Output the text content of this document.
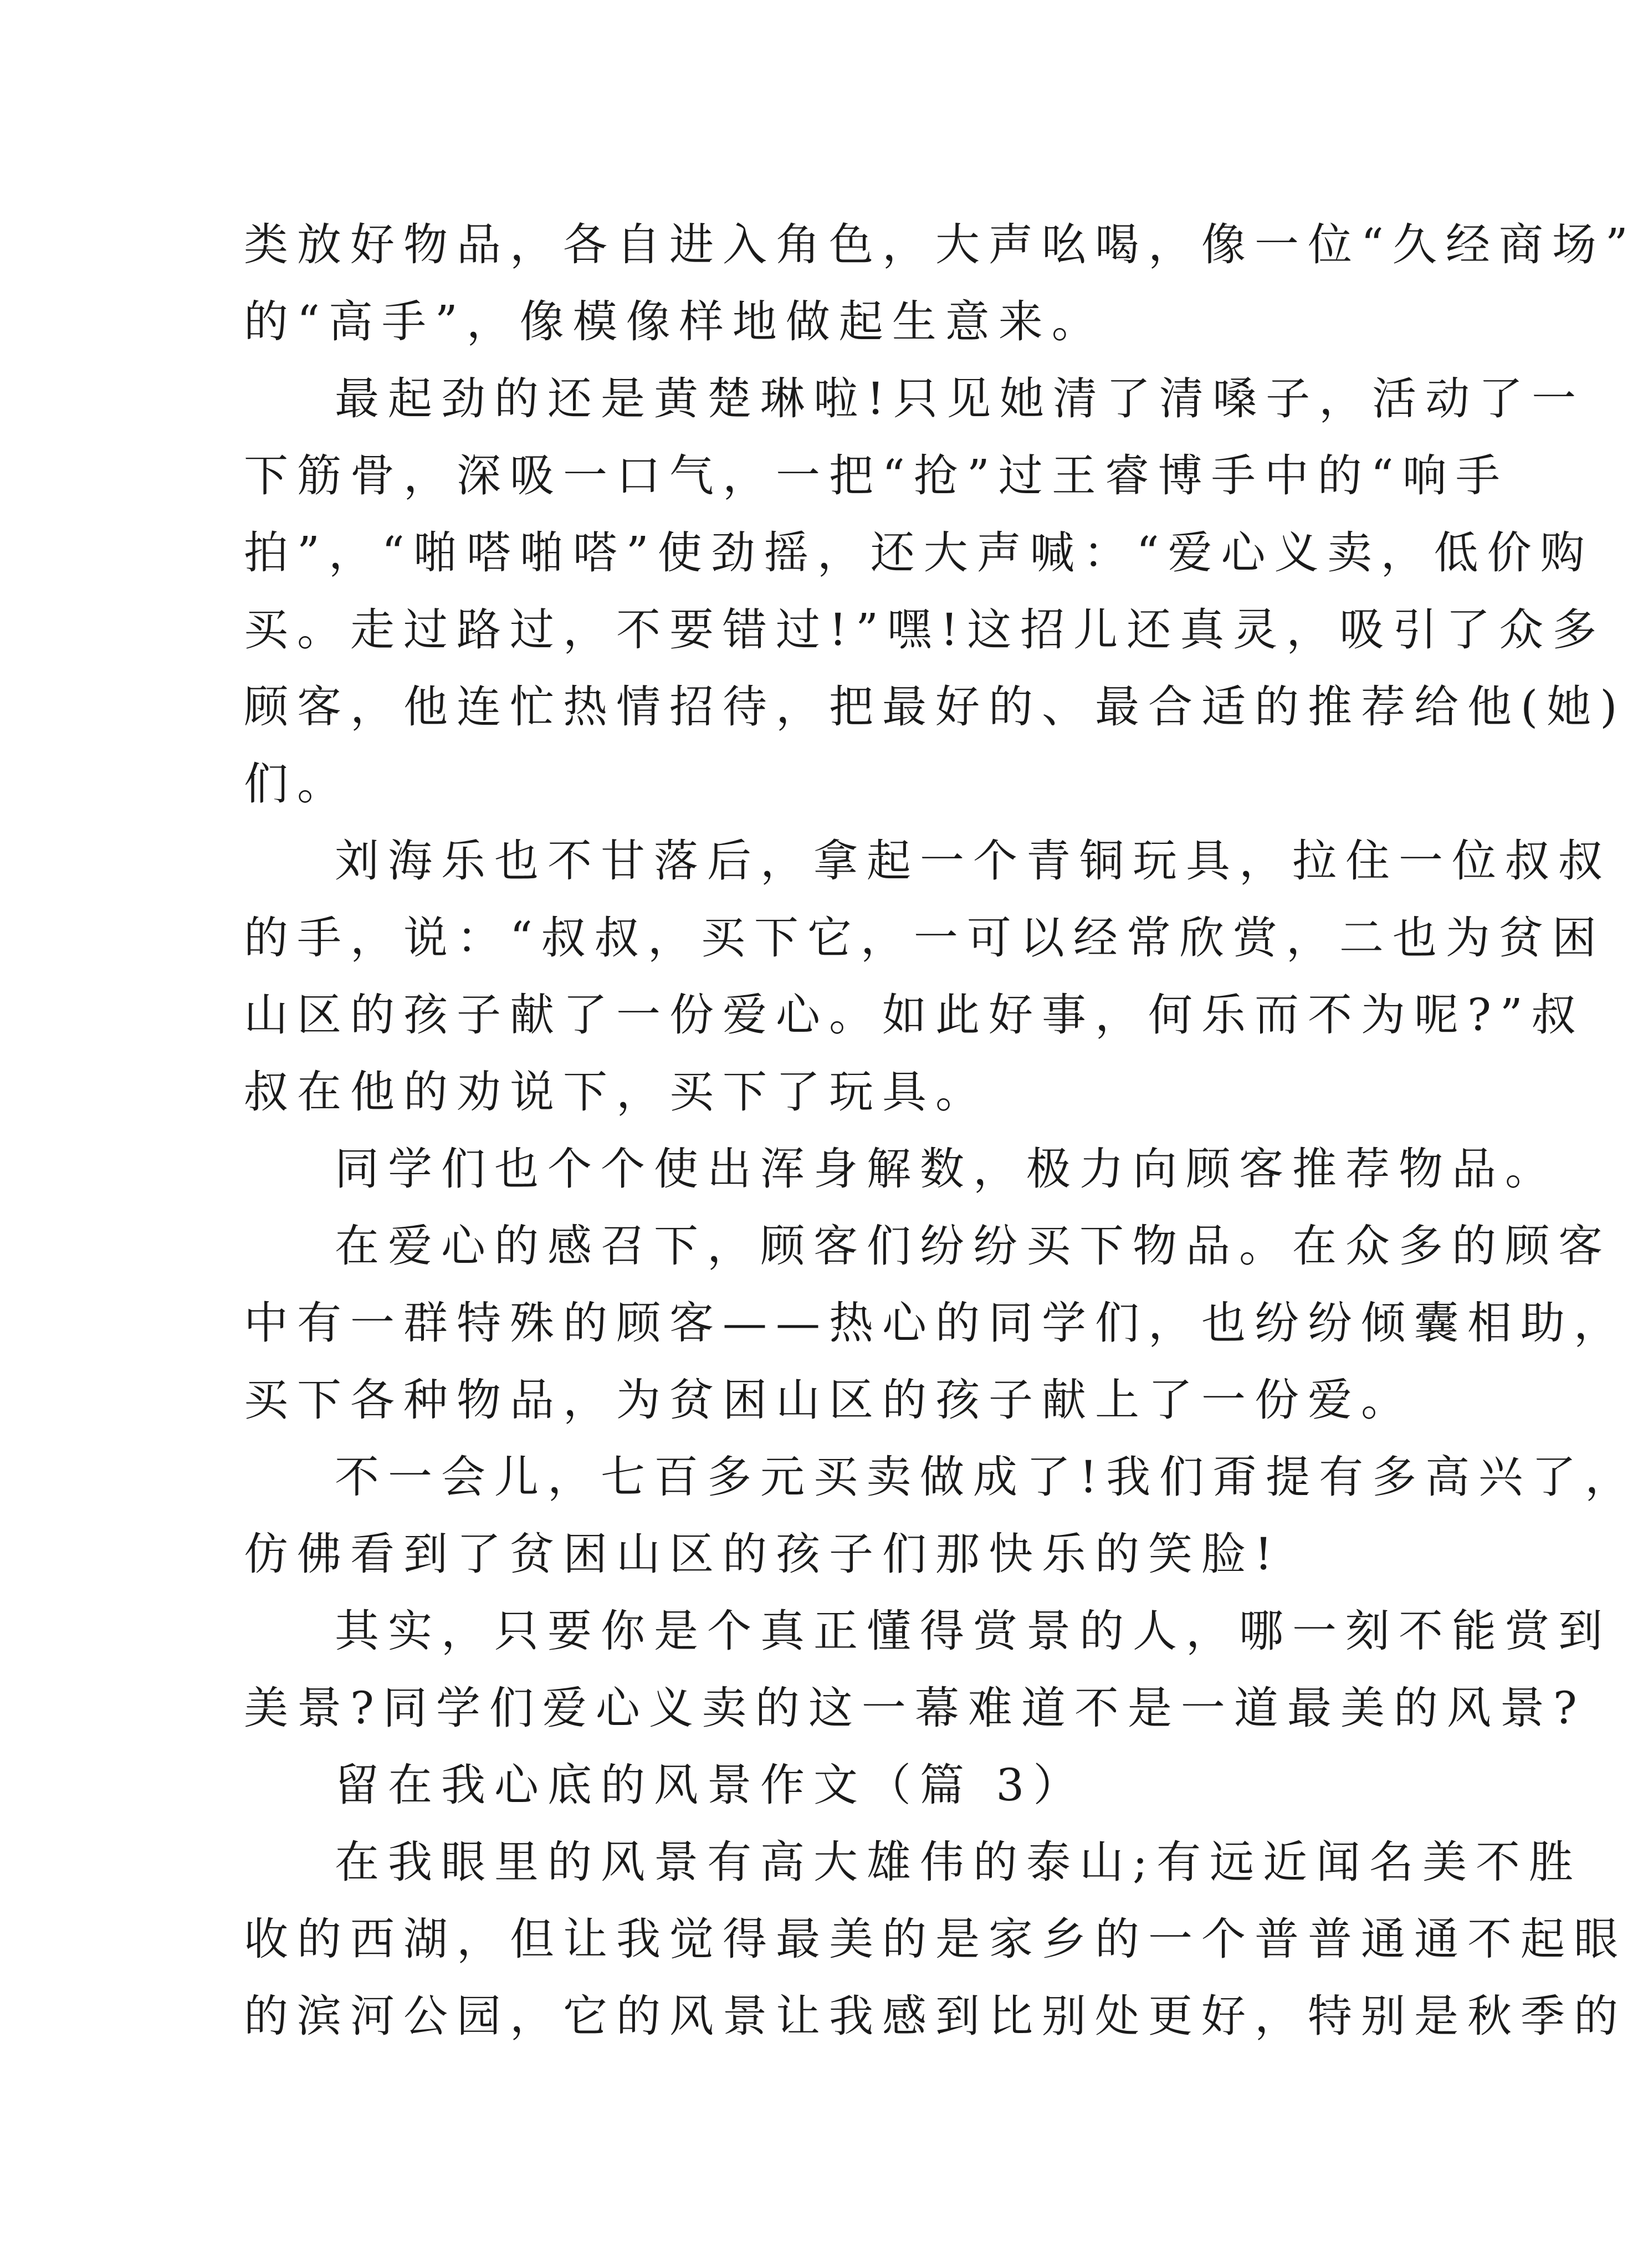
类放好物品，各自进入角色，大声吆喝，像一位“久经商场”
的“高手”，像模像样地做起生意来。
最起劲的还是黄楚琳啦!只见她清了清嗓子，活动了一
下筋骨，深吸一口气，一把“抢”过王睿博手中的“响手
拍”，“啪嗒啪嗒”使劲摇，还大声喊：“爱心义卖，低价购
买。走过路过，不要错过!”嘿!这招儿还真灵，吸引了众多
顾客，他连忙热情招待，把最好的、最合适的推荐给他(她)
们。
刘海乐也不甘落后，拿起一个青铜玩具，拉住一位叔叔
的手，说：“叔叔，买下它，一可以经常欣赏，二也为贫困
山区的孩子献了一份爱心。如此好事，何乐而不为呢?”叔
叔在他的劝说下，买下了玩具。
同学们也个个使出浑身解数，极力向顾客推荐物品。
在爱心的感召下，顾客们纷纷买下物品。在众多的顾客
中有一群特殊的顾客——热心的同学们，也纷纷倾囊相助，
买下各种物品，为贫困山区的孩子献上了一份爱。
不一会儿，七百多元买卖做成了!我们甭提有多高兴了，
仿佛看到了贫困山区的孩子们那快乐的笑脸!
其实，只要你是个真正懂得赏景的人，哪一刻不能赏到
美景?同学们爱心义卖的这一幕难道不是一道最美的风景?
留在我心底的风景作文（篇 3）
在我眼里的风景有高大雄伟的泰山;有远近闻名美不胜
收的西湖，但让我觉得最美的是家乡的一个普普通通不起眼
的滨河公园，它的风景让我感到比别处更好，特别是秋季的
